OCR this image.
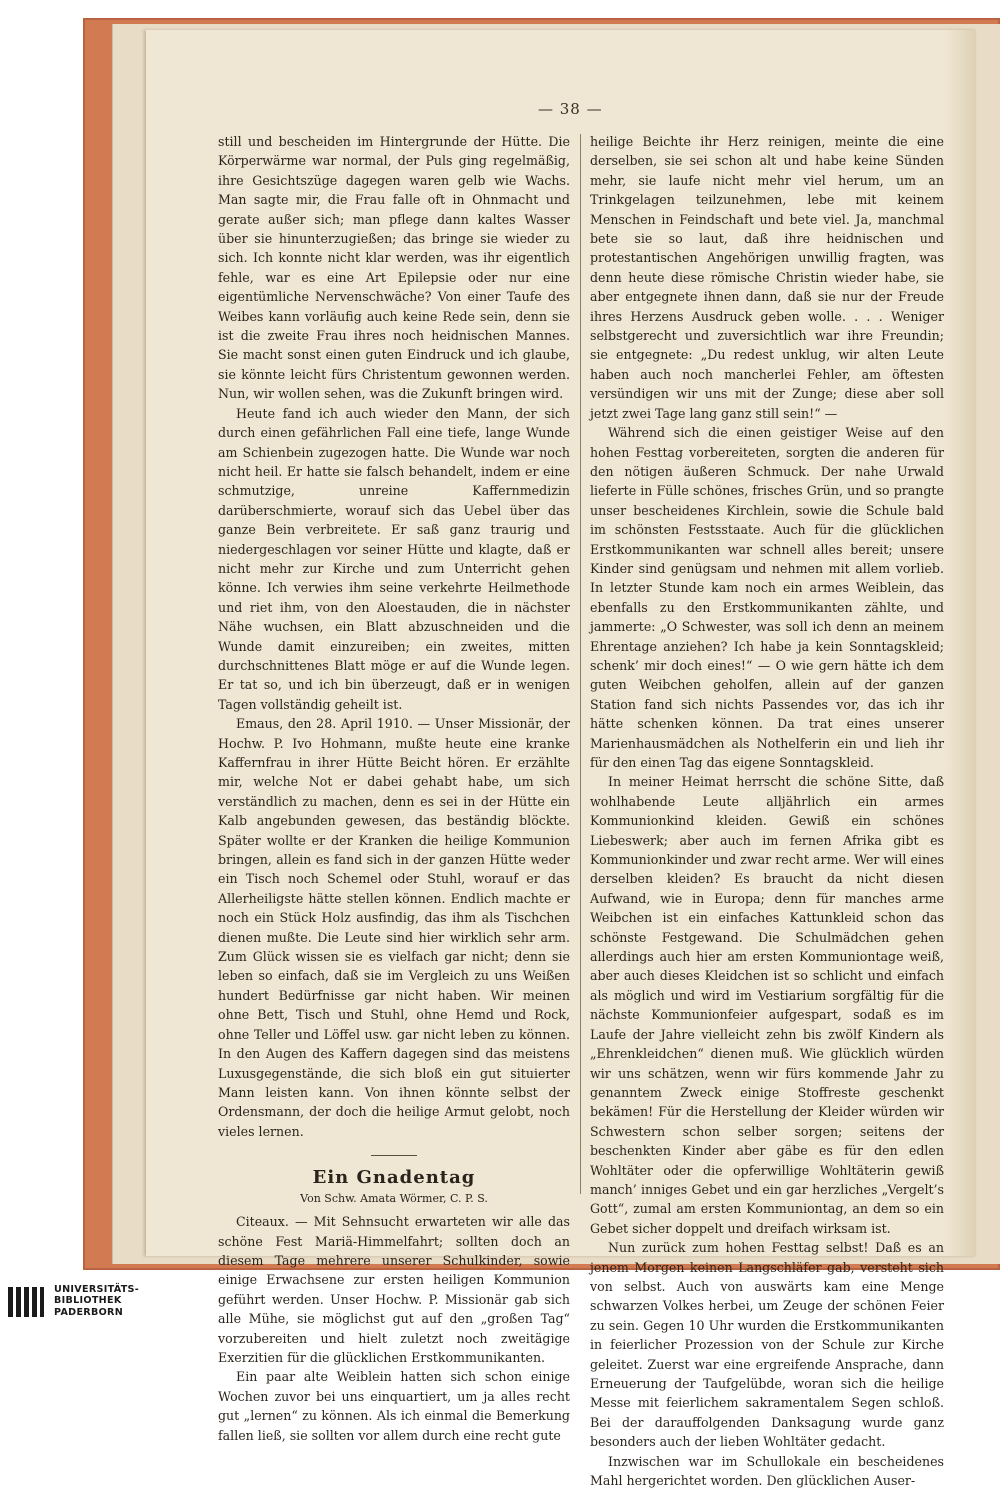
— 38 —

still und bescheiden im Hintergrunde der Hütte. Die Körperwärme war normal, der Puls ging regelmäßig, ihre Gesichtszüge dagegen waren gelb wie Wachs. Man sagte mir, die Frau falle oft in Ohnmacht und gerate außer sich; man pflege dann kaltes Wasser über sie hinunterzugießen; das bringe sie wieder zu sich. Ich konnte nicht klar werden, was ihr eigentlich fehle, war es eine Art Epilepsie oder nur eine eigentümliche Nervenschwäche? Von einer Taufe des Weibes kann vorläufig auch keine Rede sein, denn sie ist die zweite Frau ihres noch heidnischen Mannes. Sie macht sonst einen guten Eindruck und ich glaube, sie könnte leicht fürs Christentum gewonnen werden. Nun, wir wollen sehen, was die Zukunft bringen wird.

Heute fand ich auch wieder den Mann, der sich durch einen gefährlichen Fall eine tiefe, lange Wunde am Schienbein zugezogen hatte. Die Wunde war noch nicht heil. Er hatte sie falsch behandelt, indem er eine schmutzige, unreine Kaffernmedizin darüberschmierte, worauf sich das Uebel über das ganze Bein verbreitete. Er saß ganz traurig und niedergeschlagen vor seiner Hütte und klagte, daß er nicht mehr zur Kirche und zum Unterricht gehen könne. Ich verwies ihm seine verkehrte Heilmethode und riet ihm, von den Aloestauden, die in nächster Nähe wuchsen, ein Blatt abzuschneiden und die Wunde damit einzureiben; ein zweites, mitten durchschnittenes Blatt möge er auf die Wunde legen. Er tat so, und ich bin überzeugt, daß er in wenigen Tagen vollständig geheilt ist.

Emaus, den 28. April 1910. — Unser Missionär, der Hochw. P. Ivo Hohmann, mußte heute eine kranke Kaffernfrau in ihrer Hütte Beicht hören. Er erzählte mir, welche Not er dabei gehabt habe, um sich verständlich zu machen, denn es sei in der Hütte ein Kalb angebunden gewesen, das beständig blöckte. Später wollte er der Kranken die heilige Kommunion bringen, allein es fand sich in der ganzen Hütte weder ein Tisch noch Schemel oder Stuhl, worauf er das Allerheiligste hätte stellen können. Endlich machte er noch ein Stück Holz ausfindig, das ihm als Tischchen dienen mußte. Die Leute sind hier wirklich sehr arm. Zum Glück wissen sie es vielfach gar nicht; denn sie leben so einfach, daß sie im Vergleich zu uns Weißen hundert Bedürfnisse gar nicht haben. Wir meinen ohne Bett, Tisch und Stuhl, ohne Hemd und Rock, ohne Teller und Löffel usw. gar nicht leben zu können. In den Augen des Kaffern dagegen sind das meistens Luxusgegenstände, die sich bloß ein gut situierter Mann leisten kann. Von ihnen könnte selbst der Ordensmann, der doch die heilige Armut gelobt, noch vieles lernen.

Ein Gnadentag
Von Schw. Amata Wörmer, C. P. S.

Citeaux. — Mit Sehnsucht erwarteten wir alle das schöne Fest Mariä-Himmelfahrt; sollten doch an diesem Tage mehrere unserer Schulkinder, sowie einige Erwachsene zur ersten heiligen Kommunion geführt werden. Unser Hochw. P. Missionär gab sich alle Mühe, sie möglichst gut auf den „großen Tag“ vorzubereiten und hielt zuletzt noch zweitägige Exerzitien für die glücklichen Erstkommunikanten.

Ein paar alte Weiblein hatten sich schon einige Wochen zuvor bei uns einquartiert, um ja alles recht gut „lernen“ zu können. Als ich einmal die Bemerkung fallen ließ, sie sollten vor allem durch eine recht gute

heilige Beichte ihr Herz reinigen, meinte die eine derselben, sie sei schon alt und habe keine Sünden mehr, sie laufe nicht mehr viel herum, um an Trinkgelagen teilzunehmen, lebe mit keinem Menschen in Feindschaft und bete viel. Ja, manchmal bete sie so laut, daß ihre heidnischen und protestantischen Angehörigen unwillig fragten, was denn heute diese römische Christin wieder habe, sie aber entgegnete ihnen dann, daß sie nur der Freude ihres Herzens Ausdruck geben wolle. . . . Weniger selbstgerecht und zuversichtlich war ihre Freundin; sie entgegnete: „Du redest unklug, wir alten Leute haben auch noch mancherlei Fehler, am öftesten versündigen wir uns mit der Zunge; diese aber soll jetzt zwei Tage lang ganz still sein!“ —

Während sich die einen geistiger Weise auf den hohen Festtag vorbereiteten, sorgten die anderen für den nötigen äußeren Schmuck. Der nahe Urwald lieferte in Fülle schönes, frisches Grün, und so prangte unser bescheidenes Kirchlein, sowie die Schule bald im schönsten Festsstaate. Auch für die glücklichen Erstkommunikanten war schnell alles bereit; unsere Kinder sind genügsam und nehmen mit allem vorlieb. In letzter Stunde kam noch ein armes Weiblein, das ebenfalls zu den Erstkommunikanten zählte, und jammerte: „O Schwester, was soll ich denn an meinem Ehrentage anziehen? Ich habe ja kein Sonntagskleid; schenk’ mir doch eines!“ — O wie gern hätte ich dem guten Weibchen geholfen, allein auf der ganzen Station fand sich nichts Passendes vor, das ich ihr hätte schenken können. Da trat eines unserer Marienhausmädchen als Nothelferin ein und lieh ihr für den einen Tag das eigene Sonntagskleid.

In meiner Heimat herrscht die schöne Sitte, daß wohlhabende Leute alljährlich ein armes Kommunionkind kleiden. Gewiß ein schönes Liebeswerk; aber auch im fernen Afrika gibt es Kommunionkinder und zwar recht arme. Wer will eines derselben kleiden? Es braucht da nicht diesen Aufwand, wie in Europa; denn für manches arme Weibchen ist ein einfaches Kattunkleid schon das schönste Festgewand. Die Schulmädchen gehen allerdings auch hier am ersten Kommuniontage weiß, aber auch dieses Kleidchen ist so schlicht und einfach als möglich und wird im Vestiarium sorgfältig für die nächste Kommunionfeier aufgespart, sodaß es im Laufe der Jahre vielleicht zehn bis zwölf Kindern als „Ehrenkleidchen“ dienen muß. Wie glücklich würden wir uns schätzen, wenn wir fürs kommende Jahr zu genanntem Zweck einige Stoffreste geschenkt bekämen! Für die Herstellung der Kleider würden wir Schwestern schon selber sorgen; seitens der beschenkten Kinder aber gäbe es für den edlen Wohltäter oder die opferwillige Wohltäterin gewiß manch’ inniges Gebet und ein gar herzliches „Vergelt’s Gott“, zumal am ersten Kommuniontag, an dem so ein Gebet sicher doppelt und dreifach wirksam ist.

Nun zurück zum hohen Festtag selbst! Daß es an jenem Morgen keinen Langschläfer gab, versteht sich von selbst. Auch von auswärts kam eine Menge schwarzen Volkes herbei, um Zeuge der schönen Feier zu sein. Gegen 10 Uhr wurden die Erstkommunikanten in feierlicher Prozession von der Schule zur Kirche geleitet. Zuerst war eine ergreifende Ansprache, dann Erneuerung der Taufgelübde, woran sich die heilige Messe mit feierlichem sakramentalem Segen schloß. Bei der darauffolgenden Danksagung wurde ganz besonders auch der lieben Wohltäter gedacht.

Inzwischen war im Schullokale ein bescheidenes Mahl hergerichtet worden. Den glücklichen Auser-

UNIVERSITÄTS-
BIBLIOTHEK
PADERBORN
